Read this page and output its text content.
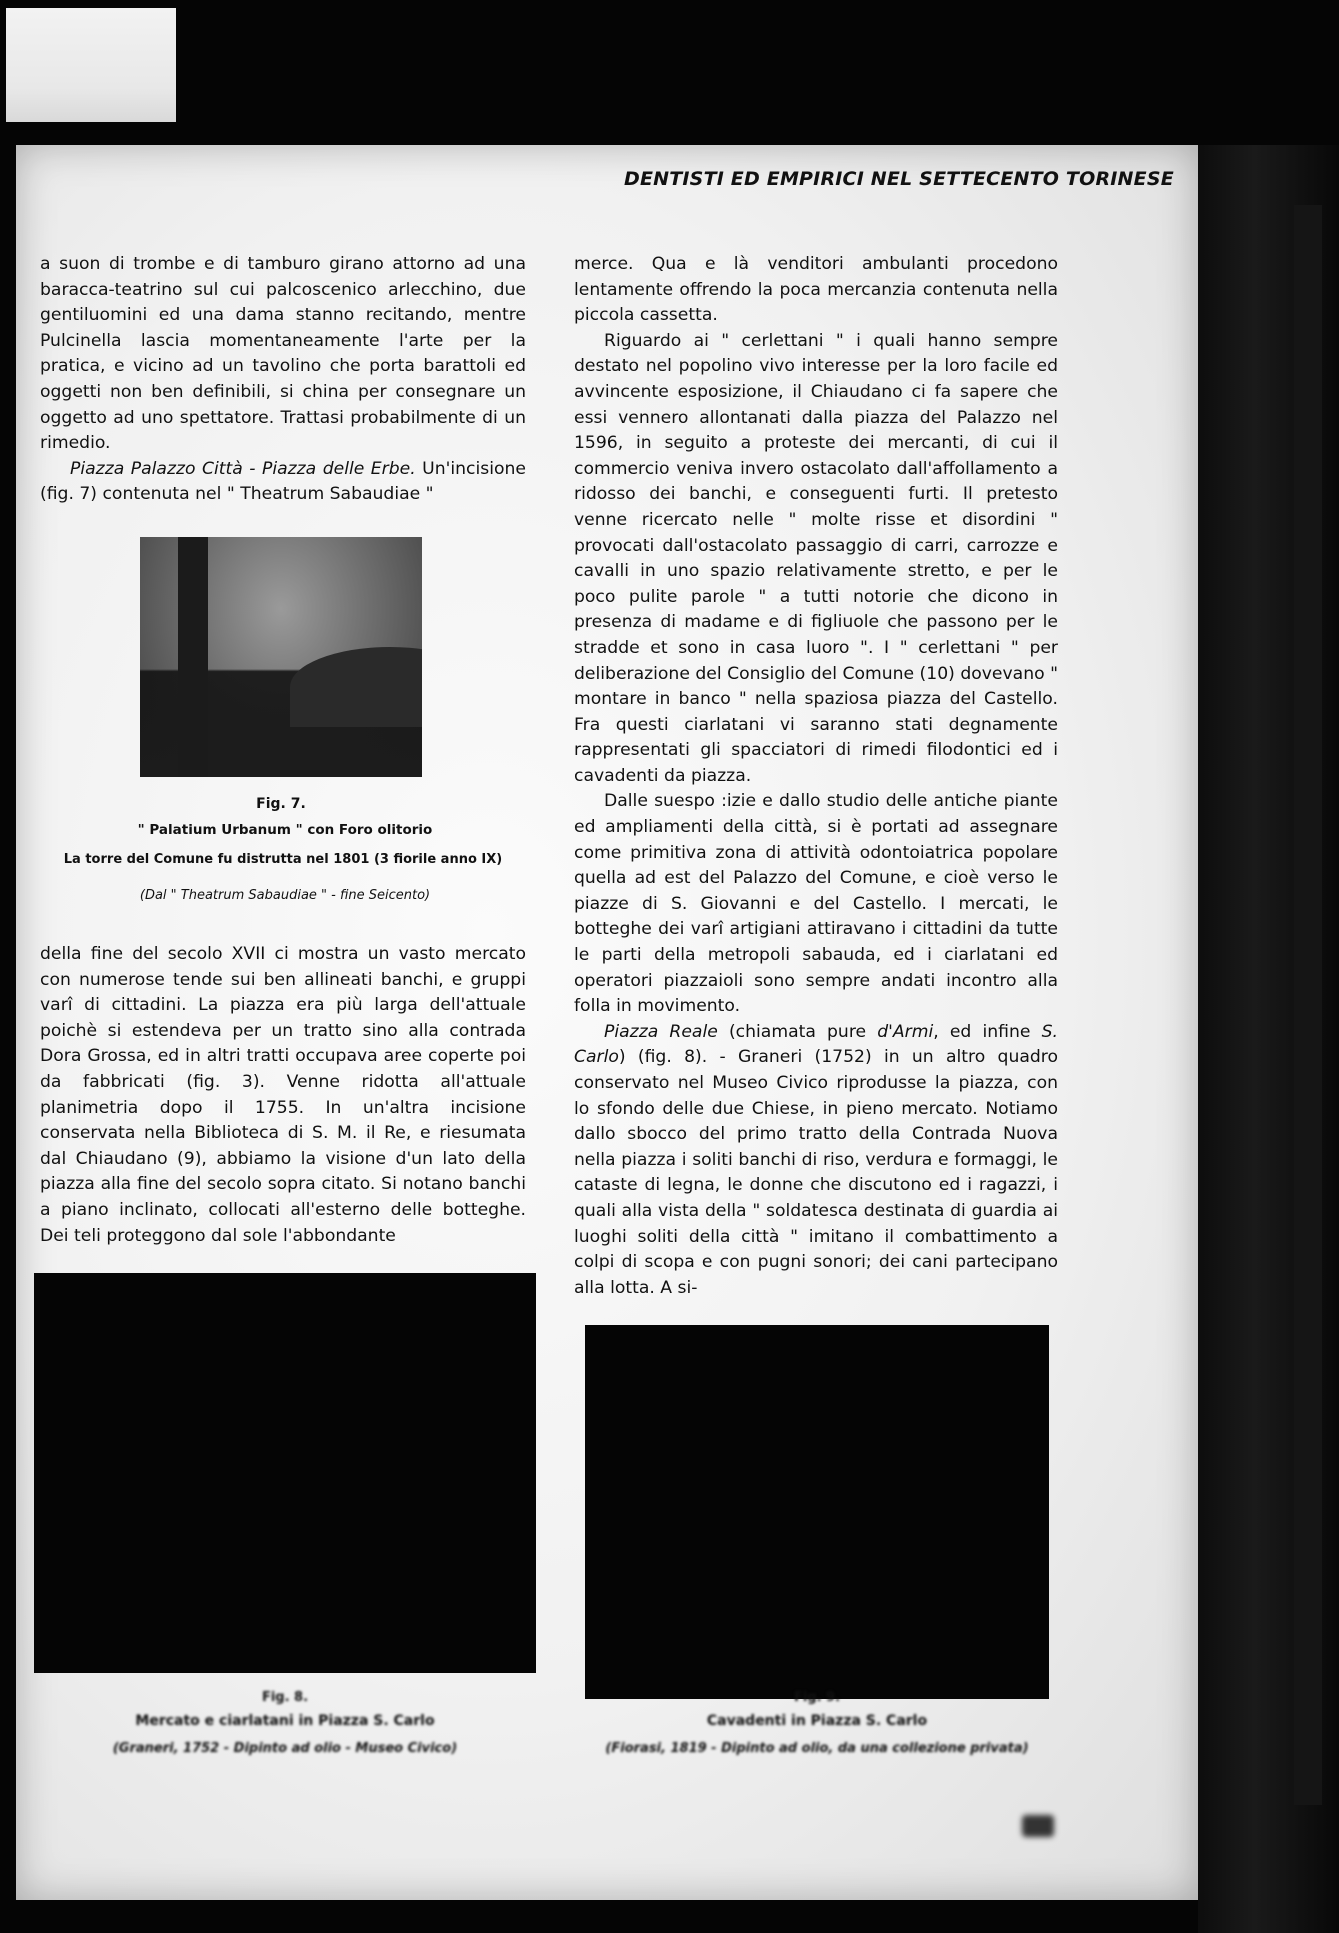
DENTISTI ED EMPIRICI NEL SETTECENTO TORINESE

a suon di trombe e di tamburo girano attorno ad una baracca-teatrino sul cui palcoscenico arlecchino, due gentiluomini ed una dama stanno recitando, mentre Pulcinella lascia momentaneamente l'arte per la pratica, e vicino ad un tavolino che porta barattoli ed oggetti non ben definibili, si china per consegnare un oggetto ad uno spettatore. Trattasi probabilmente di un rimedio.

Piazza Palazzo Città - Piazza delle Erbe. Un'incisione (fig. 7) contenuta nel " Theatrum Sabaudiae "

Fig. 7.
" Palatium Urbanum " con Foro olitorio
La torre del Comune fu distrutta nel 1801 (3 fiorile anno IX)
(Dal " Theatrum Sabaudiae " - fine Seicento)

della fine del secolo XVII ci mostra un vasto mercato con numerose tende sui ben allineati banchi, e gruppi varî di cittadini. La piazza era più larga dell'attuale poichè si estendeva per un tratto sino alla contrada Dora Grossa, ed in altri tratti occupava aree coperte poi da fabbricati (fig. 3). Venne ridotta all'attuale planimetria dopo il 1755. In un'altra incisione conservata nella Biblioteca di S. M. il Re, e riesumata dal Chiaudano (9), abbiamo la visione d'un lato della piazza alla fine del secolo sopra citato. Si notano banchi a piano inclinato, collocati all'esterno delle botteghe. Dei teli proteggono dal sole l'abbondante

merce. Qua e là venditori ambulanti procedono lentamente offrendo la poca mercanzia contenuta nella piccola cassetta.

Riguardo ai " cerlettani " i quali hanno sempre destato nel popolino vivo interesse per la loro facile ed avvincente esposizione, il Chiaudano ci fa sapere che essi vennero allontanati dalla piazza del Palazzo nel 1596, in seguito a proteste dei mercanti, di cui il commercio veniva invero ostacolato dall'affollamento a ridosso dei banchi, e conseguenti furti. Il pretesto venne ricercato nelle " molte risse et disordini " provocati dall'ostacolato passaggio di carri, carrozze e cavalli in uno spazio relativamente stretto, e per le poco pulite parole " a tutti notorie che dicono in presenza di madame e di figliuole che passono per le stradde et sono in casa luoro ". I " cerlettani " per deliberazione del Consiglio del Comune (10) dovevano " montare in banco " nella spaziosa piazza del Castello. Fra questi ciarlatani vi saranno stati degnamente rappresentati gli spacciatori di rimedi filodontici ed i cavadenti da piazza.

Dalle suespo :izie e dallo studio delle antiche piante ed ampliamenti della città, si è portati ad assegnare come primitiva zona di attività odontoiatrica popolare quella ad est del Palazzo del Comune, e cioè verso le piazze di S. Giovanni e del Castello. I mercati, le botteghe dei varî artigiani attiravano i cittadini da tutte le parti della metropoli sabauda, ed i ciarlatani ed operatori piazzaioli sono sempre andati incontro alla folla in movimento.

Piazza Reale (chiamata pure d'Armi, ed infine S. Carlo) (fig. 8). - Graneri (1752) in un altro quadro conservato nel Museo Civico riprodusse la piazza, con lo sfondo delle due Chiese, in pieno mercato. Notiamo dallo sbocco del primo tratto della Contrada Nuova nella piazza i soliti banchi di riso, verdura e formaggi, le cataste di legna, le donne che discutono ed i ragazzi, i quali alla vista della " soldatesca destinata di guardia ai luoghi soliti della città " imitano il combattimento a colpi di scopa e con pugni sonori; dei cani partecipano alla lotta. A si-

Fig. 8.
Mercato e ciarlatani in Piazza S. Carlo
(Graneri, 1752 - Dipinto ad olio - Museo Civico)
Fig. 9.
Cavadenti in Piazza S. Carlo
(Fiorasi, 1819 - Dipinto ad olio, da una collezione privata)
